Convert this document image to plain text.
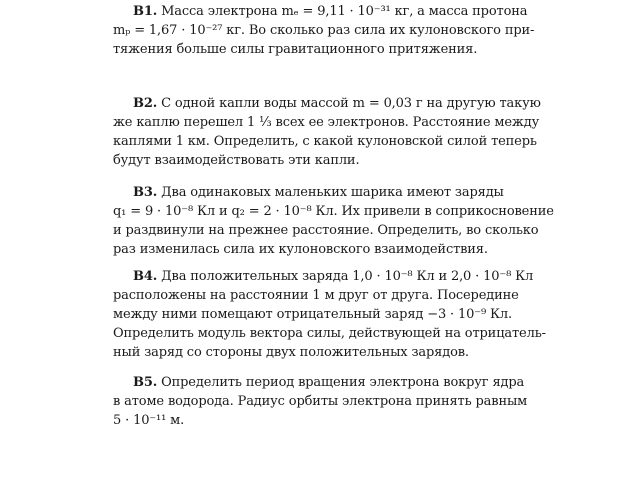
В1. Масса электрона mₑ = 9,11 · 10⁻³¹ кг, а масса протона
mₚ = 1,67 · 10⁻²⁷ кг. Во сколько раз сила их кулоновского при-
тяжения больше силы гравитационного притяжения.
В2. С одной капли воды массой m = 0,03 г на другую такую
же каплю перешел 1 ⅓ всех ее электронов. Расстояние между
каплями 1 км. Определить, с какой кулоновской силой теперь
будут взаимодействовать эти капли.
В3. Два одинаковых маленьких шарика имеют заряды
q₁ = 9 · 10⁻⁸ Кл и q₂ = 2 · 10⁻⁸ Кл. Их привели в соприкосновение
и раздвинули на прежнее расстояние. Определить, во сколько
раз изменилась сила их кулоновского взаимодействия.
В4. Два положительных заряда 1,0 · 10⁻⁸ Кл и 2,0 · 10⁻⁸ Кл
расположены на расстоянии 1 м друг от друга. Посередине
между ними помещают отрицательный заряд −3 · 10⁻⁹ Кл.
Определить модуль вектора силы, действующей на отрицатель-
ный заряд со стороны двух положительных зарядов.
В5. Определить период вращения электрона вокруг ядра
в атоме водорода. Радиус орбиты электрона принять равным
5 · 10⁻¹¹ м.
